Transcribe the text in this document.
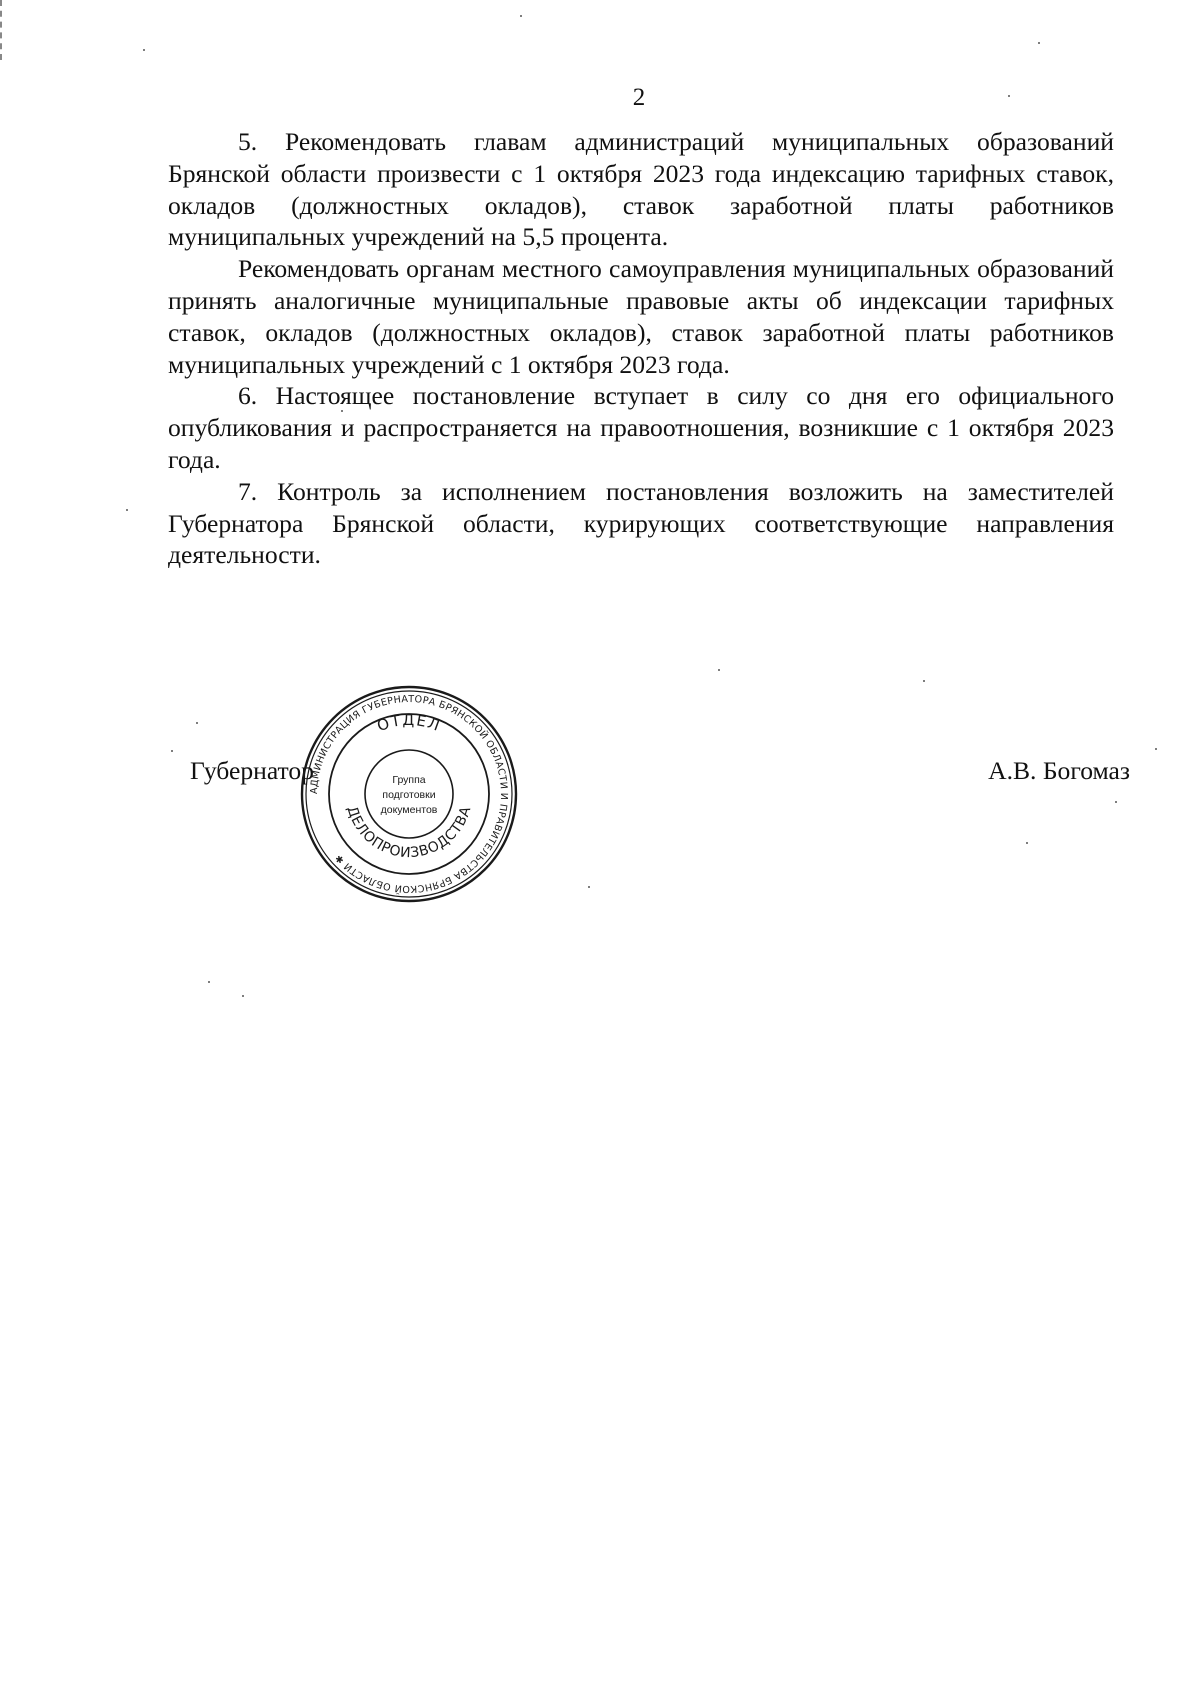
2

5. Рекомендовать главам администраций муниципальных образований Брянской области произвести с 1 октября 2023 года индексацию тарифных ставок, окладов (должностных окладов), ставок заработной платы работников муниципальных учреждений на 5,5 процента.

Рекомендовать органам местного самоуправления муниципальных образований принять аналогичные муниципальные правовые акты об индексации тарифных ставок, окладов (должностных окладов), ставок заработной платы работников муниципальных учреждений с 1 октября 2023 года.

6. Настоящее постановление вступает в силу со дня его официального опубликования и распространяется на правоотношения, возникшие с 1 октября 2023 года.

7. Контроль за исполнением постановления возложить на заместителей Губернатора Брянской области, курирующих соответствующие направления деятельности.

Губернатор	А.В. Богомаз
АДМИНИСТРАЦИЯ ГУБЕРНАТОРА БРЯНСКОЙ ОБЛАСТИ И ПРАВИТЕЛЬСТВА БРЯНСКОЙ ОБЛАСТИ ✱
ОТДЕЛ
ДЕЛОПРОИЗВОДСТВА
Группа
подготовки
документов
